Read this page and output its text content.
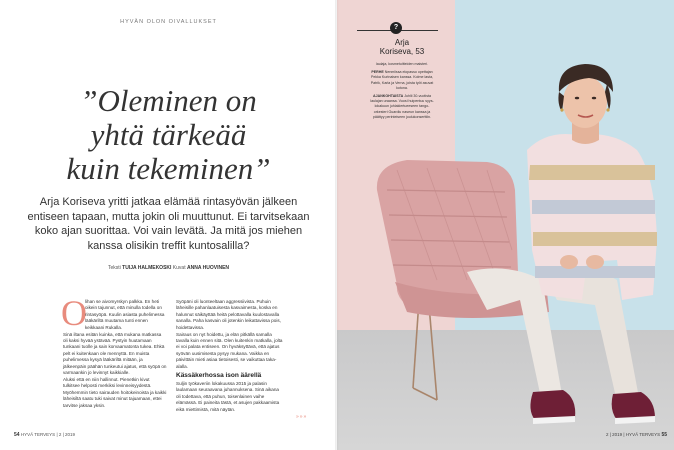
HYVÄN OLON OIVALLUKSET
”Oleminen on
yhtä tärkeää
kuin tekeminen”

Arja Koriseva yritti jatkaa elämää rintasyövän jälkeen entiseen tapaan, mutta jokin oli muuttunut. Ei tarvitsekaan koko ajan suorittaa. Voi vain levätä. Ja mitä jos miehen kanssa olisikin treffit kuntosalilla?

Teksti TUIJA HALMEKOSKI Kuvat ANNA HUOVINEN
O

lihan se aivomyrskyn palkka. En heti oikein tajunnut, että minulla todella on rintasyöpä. Kuulin asiasta puhelimessa lääkäriltä muutama tunti ennen keikkaani Rukalla.

Sinä iltana esitän kuinka, että mukana matkassa oli kaksi hyvää ystävää. Pystyin huutamaan tunkaani tuolle ja sain korvaamatonta tukea. Ehkä pelt ei kuitenkaan ole mennyttä. En muista puhelimessa kysyä lääkäriltä mitään, ja jälkeenpäin päähän tunkeutui ajatus, että syöpä on varmaankin jo levinnyt kaikkialle.

Aluksi että en niin hallinnut. Pienetkin kivut tulkitsee helposti merkiksi levinneisyydestä. Myöhemmin tieto sairauden hoitokeinoista ja kaikki läheisiltä saatu tuki saivat minut tajuamaan, ettei tarvitse jaksaa yksin.

Syöpäni oli luonteeltaan aggressiivista. Puhuin läheisille pahanlaatuisesta kasvaimesta, koska en halunnut säikäyttää heitä pelottavalla kuulostavalla sanalla. Paha kasvain oli jotenkin leikattavissa pois, hoidettavissa.

Sairaus on nyt hoidettu, ja elän pitkällä samalla tavalla kuin ennen sitä. Olen kuitenkin matkalla, jolta ei voi palata entiseen. On hyväksyttävä, että ajatus syövän uusimisesta pysyy mukana. Vaikka en päivittäin mieti asiaa tietoisesti, se vaikuttaa taka-alalla.

Kässäkerhossa ison äärellä

Suljin työkaveriin lokakuussa 2015 ja palasin laulamaan seuraavana juhannuksena. Sinä aikana oli todettava, että puhun, toisenlainen vaihe elämässä. Ei paineita tästä, et asujen pakkaamista eikä miettimistä, mitä näytän.

»»»
54 HYVÄ TERVEYS | 2 | 2019
?
Arja
Koriseva, 53

laulaja, kosmetuitteiden maisteri.

PERHE Nenmiissa elopasso opettajan Pekka Kurinaisen kanssa. Kolme lasta, Patrik, Karla ja Verna, joista työt asuvat kotona.

AJANKOHTAISTA Juhlii 30-vuotista laulajan uraansa. Vuosi huipentuu syys-lokakuun juhlakiertueeseen tango-orkesteri Guardiu naseun kanssa ja päättyy perinteiseen joulukonserttiin.

2 | 2019 | HYVÄ TERVEYS 55
